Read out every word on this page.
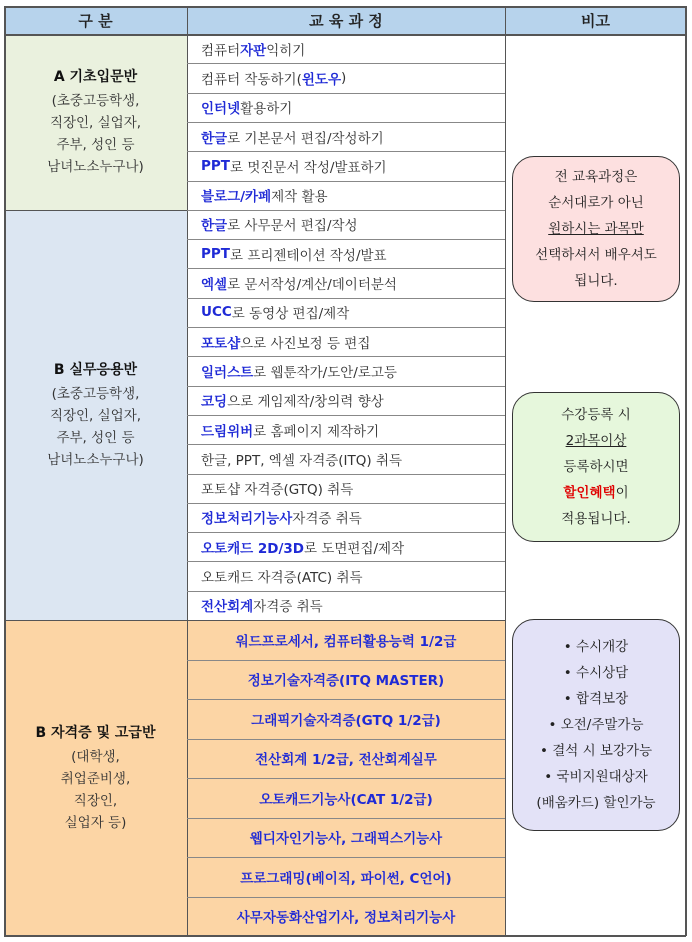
구 분	교 육 과 정	비고
A 기초입문반
(초중고등학생,
직장인, 실업자,
주부, 성인 등
남녀노소누구나)
B 실무응용반
(초중고등학생,
직장인, 실업자,
주부, 성인 등
남녀노소누구나)
B 자격증 및 고급반
(대학생,
취업준비생,
직장인,
실업자 등)
컴퓨터 자판 익히기
컴퓨터 작동하기( 윈도우 )
인터넷 활용하기
한글 로 기본문서 편집/작성하기
PPT 로 멋진문서 작성/발표하기
블로그/카페 제작 활용
한글 로 사무문서 편집/작성
PPT 로 프리젠테이션 작성/발표
엑셀 로 문서작성/계산/데이터분석
UCC 로 동영상 편집/제작
포토샵 으로 사진보정 등 편집
일러스트 로 웹툰작가/도안/로고등
코딩 으로 게임제작/창의력 향상
드림위버 로 홈페이지 제작하기
한글, PPT, 엑셀 자격증(ITQ) 취득
포토샵 자격증(GTQ) 취득
정보처리기능사 자격증 취득
오토캐드 2D/3D 로 도면편집/제작
오토캐드 자격증(ATC) 취득
전산회계 자격증 취득
워드프로세서, 컴퓨터활용능력 1/2급
정보기술자격증(ITQ MASTER)
그래픽기술자격증(GTQ 1/2급)
전산회계 1/2급, 전산회계실무
오토캐드기능사(CAT 1/2급)
웹디자인기능사, 그래픽스기능사
프로그래밍(베이직, 파이썬, C언어)
사무자동화산업기사, 정보처리기능사
전 교육과정은
순서대로가 아닌
원하시는 과목만
선택하셔서 배우셔도
됩니다.
수강등록 시
2과목이상
등록하시면
할인혜택이
적용됩니다.
• 수시개강
• 수시상담
• 합격보장
• 오전/주말가능
• 결석 시 보강가능
• 국비지원대상자
(배움카드) 할인가능
